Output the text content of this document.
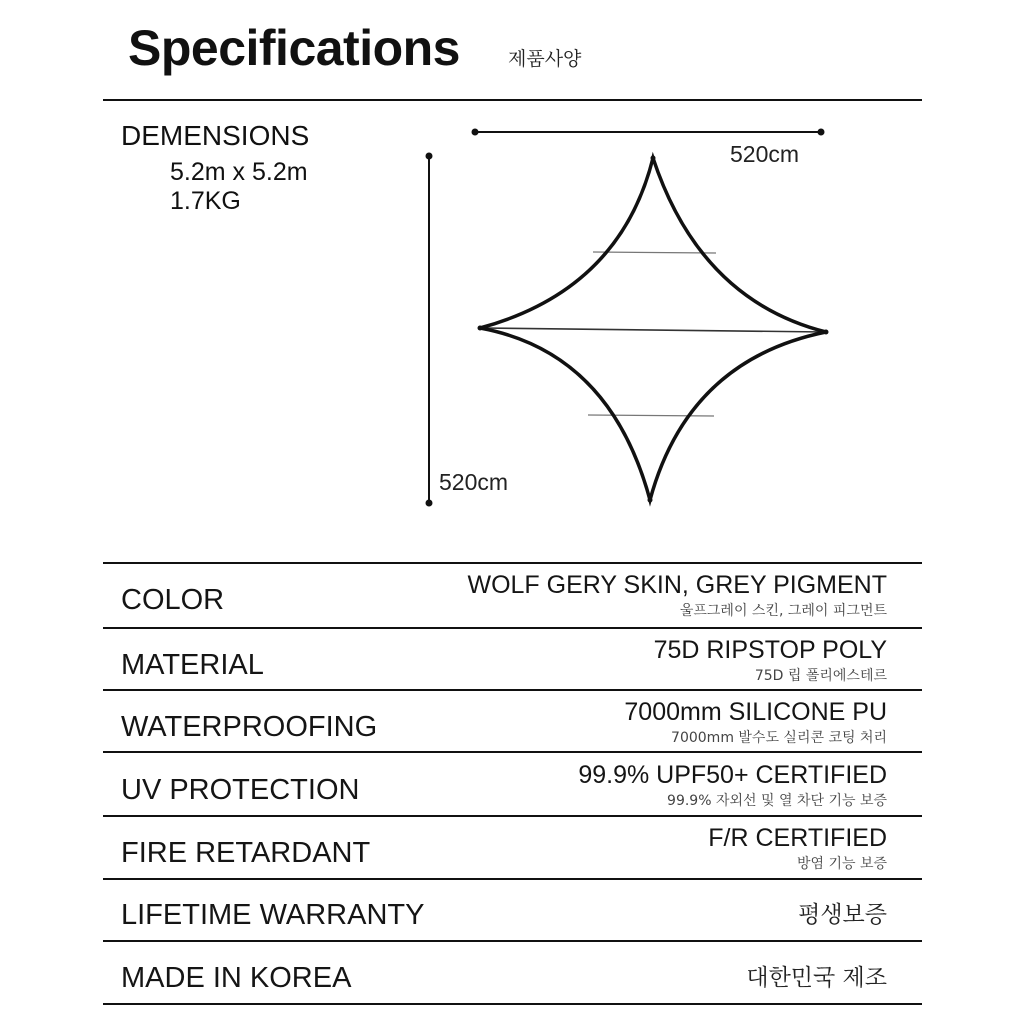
Specifications	제품사양
DEMENSIONS
5.2m x 5.2m
1.7KG
520cm
520cm
COLOR	WOLF GERY SKIN, GREY PIGMENT
울프그레이 스킨, 그레이 피그먼트
MATERIAL	75D RIPSTOP POLY
75D 립 폴리에스테르
WATERPROOFING	7000mm SILICONE PU
7000mm 발수도 실리콘 코팅 처리
UV PROTECTION	99.9% UPF50+ CERTIFIED
99.9% 자외선 및 열 차단 기능 보증
FIRE RETARDANT	F/R CERTIFIED
방염 기능 보증
LIFETIME WARRANTY	평생보증
MADE IN KOREA	대한민국 제조
